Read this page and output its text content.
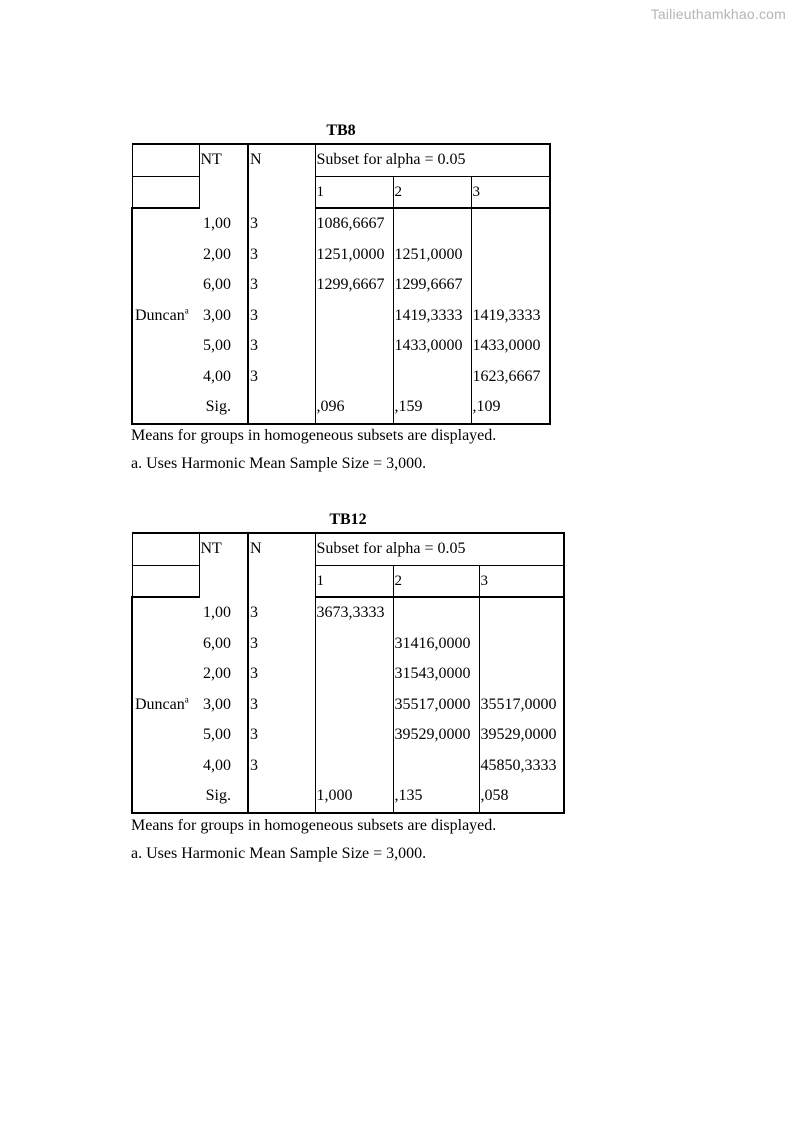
Tailieuthamkhao.com
TB8
	NT	N	Subset for alpha = 0.05		
			1	2	3
Duncan$^a$	1,00	3	1086,6667		
	2,00	3	1251,0000	1251,0000	
	6,00	3	1299,6667	1299,6667	
	3,00	3		1419,3333	1419,3333
	5,00	3		1433,0000	1433,0000
	4,00	3			1623,6667
	Sig.		,096	,159	,109
Means for groups in homogeneous subsets are displayed.
a. Uses Harmonic Mean Sample Size = 3,000.
TB12
	NT	N	Subset for alpha = 0.05		
			1	2	3
Duncan$^a$	1,00	3	3673,3333		
	6,00	3		31416,0000	
	2,00	3		31543,0000	
	3,00	3		35517,0000	35517,0000
	5,00	3		39529,0000	39529,0000
	4,00	3			45850,3333
	Sig.		1,000	,135	,058
Means for groups in homogeneous subsets are displayed.
a. Uses Harmonic Mean Sample Size = 3,000.
